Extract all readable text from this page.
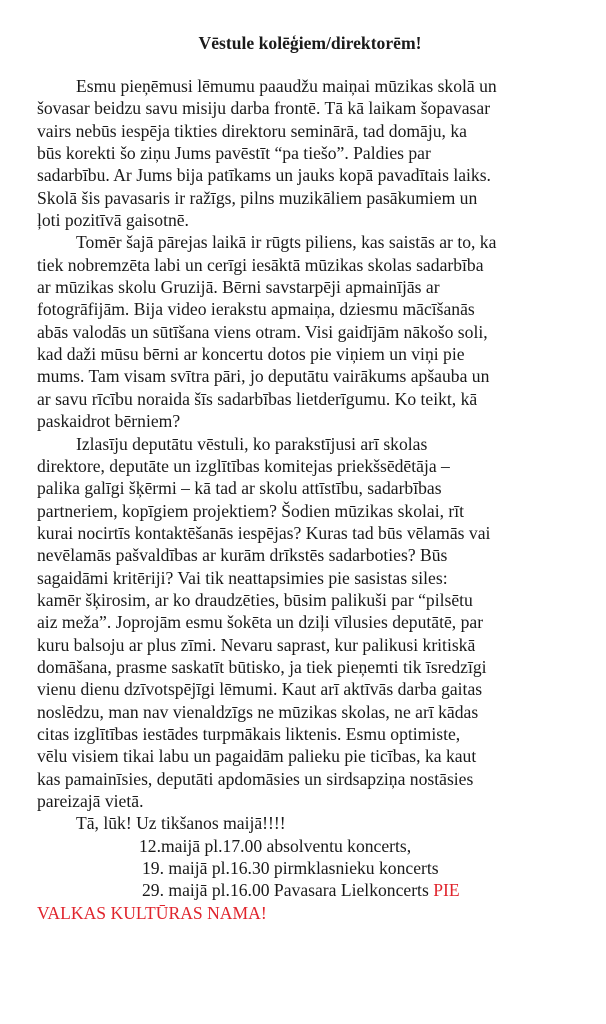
Vēstule kolēģiem/direktorēm!
Esmu pieņēmusi lēmumu paaudžu maiņai mūzikas skolā un
šovasar beidzu savu misiju darba frontē. Tā kā laikam šopavasar
vairs nebūs iespēja tikties direktoru seminārā, tad domāju, ka
būs korekti šo ziņu Jums pavēstīt “pa tiešo”. Paldies par
sadarbību. Ar Jums bija patīkams un jauks kopā pavadītais laiks.
Skolā šis pavasaris ir ražīgs, pilns muzikāliem pasākumiem un
ļoti pozitīvā gaisotnē.
Tomēr šajā pārejas laikā ir rūgts piliens, kas saistās ar to, ka
tiek nobremzēta labi un cerīgi iesāktā mūzikas skolas sadarbība
ar mūzikas skolu Gruzijā. Bērni savstarpēji apmainījās ar
fotogrāfijām. Bija video ierakstu apmaiņa, dziesmu mācīšanās
abās valodās un sūtīšana viens otram. Visi gaidījām nākošo soli,
kad daži mūsu bērni ar koncertu dotos pie viņiem un viņi pie
mums. Tam visam svītra pāri, jo deputātu vairākums apšauba un
ar savu rīcību noraida šīs sadarbības lietderīgumu. Ko teikt, kā
paskaidrot bērniem?
Izlasīju deputātu vēstuli, ko parakstījusi arī skolas
direktore, deputāte un izglītības komitejas priekšsēdētāja –
palika galīgi šķērmi – kā tad ar skolu attīstību, sadarbības
partneriem, kopīgiem projektiem? Šodien mūzikas skolai, rīt
kurai nocirtīs kontaktēšanās iespējas? Kuras tad būs vēlamās vai
nevēlamās pašvaldības ar kurām drīkstēs sadarboties? Būs
sagaidāmi kritēriji? Vai tik neattapsimies pie sasistas siles:
kamēr šķirosim, ar ko draudzēties, būsim palikuši par “pilsētu
aiz meža”. Joprojām esmu šokēta un dziļi vīlusies deputātē, par
kuru balsoju ar plus zīmi. Nevaru saprast, kur palikusi kritiskā
domāšana, prasme saskatīt būtisko, ja tiek pieņemti tik īsredzīgi
vienu dienu dzīvotspējīgi lēmumi. Kaut arī aktīvās darba gaitas
noslēdzu, man nav vienaldzīgs ne mūzikas skolas, ne arī kādas
citas izglītības iestādes turpmākais liktenis. Esmu optimiste,
vēlu visiem tikai labu un pagaidām palieku pie ticības, ka kaut
kas pamainīsies, deputāti apdomāsies un sirdsapziņa nostāsies
pareizajā vietā.
Tā, lūk! Uz tikšanos maijā!!!!
12.maijā pl.17.00 absolventu koncerts,
19. maijā pl.16.30 pirmklasnieku koncerts
29. maijā pl.16.00 Pavasara Lielkoncerts PIE
VALKAS KULTŪRAS NAMA!
